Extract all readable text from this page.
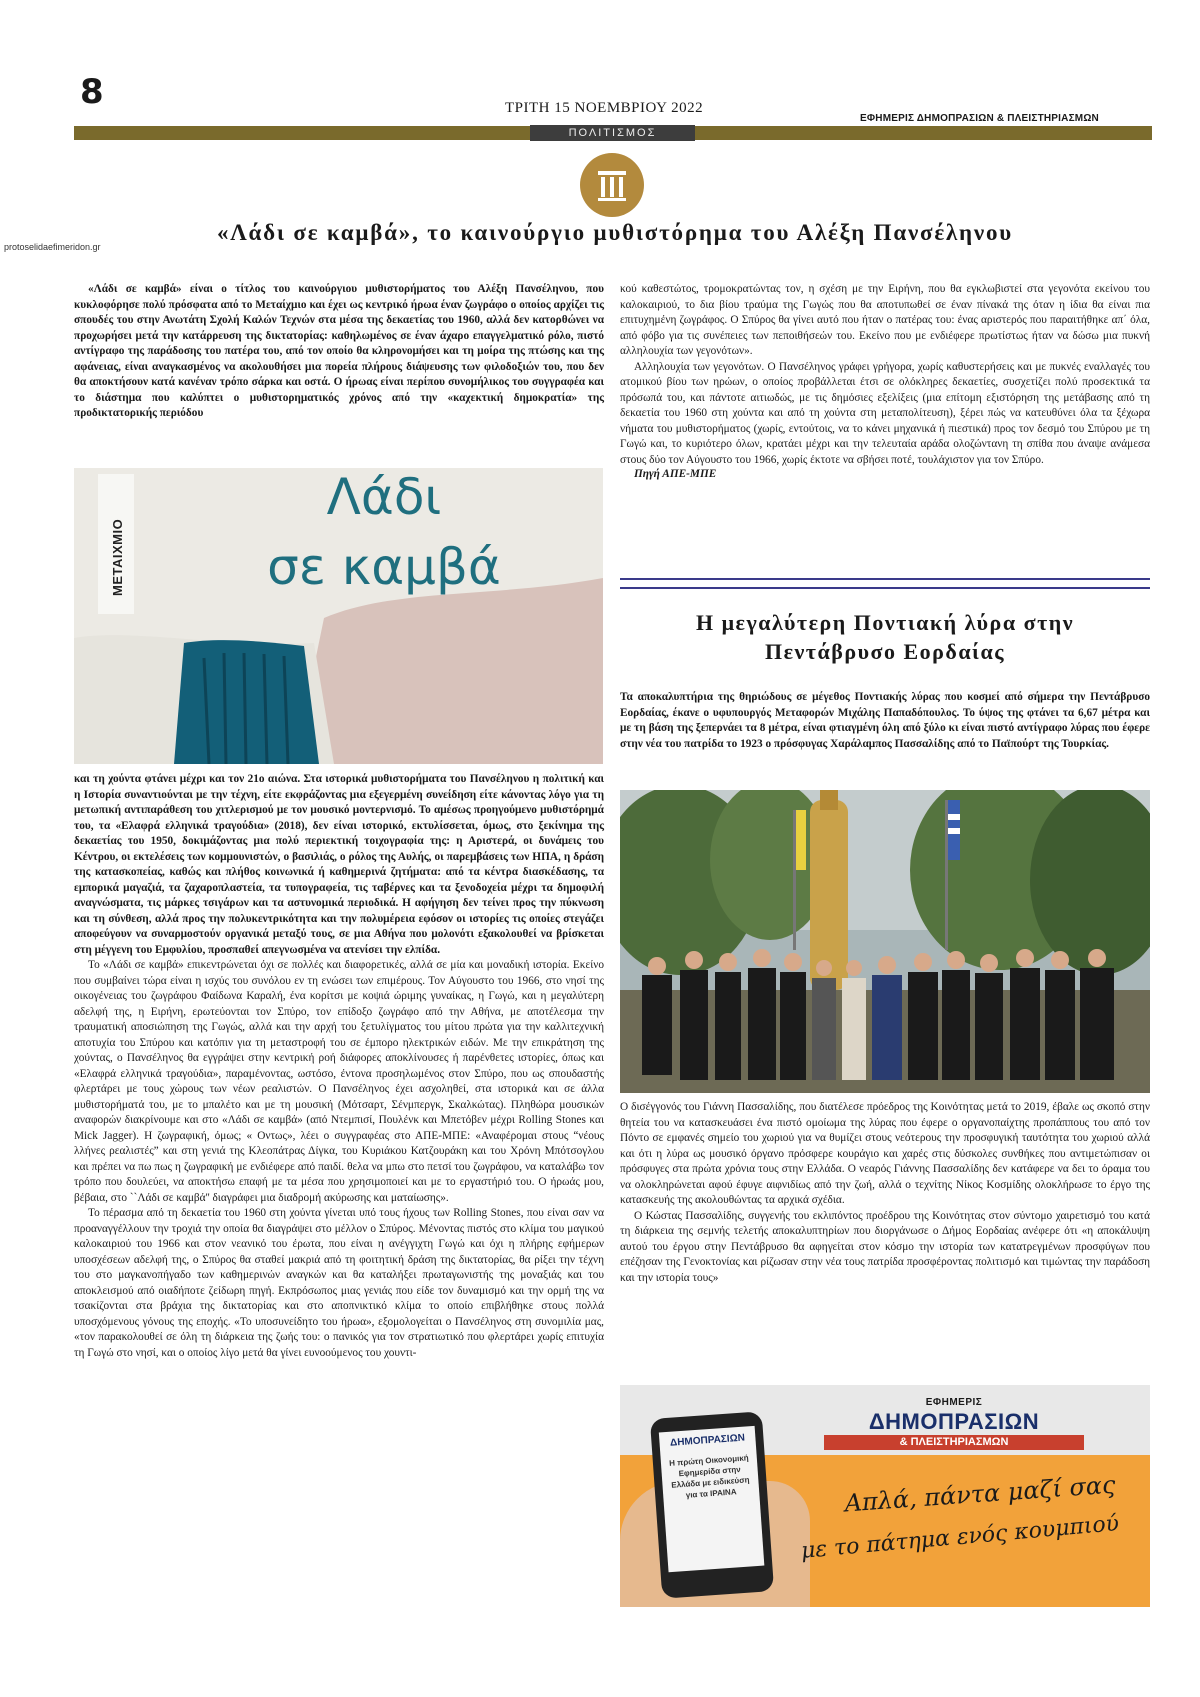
8	ΤΡΙΤΗ 15 ΝΟΕΜΒΡΙΟΥ 2022
ΕΦΗΜΕΡΙΣ ΔΗΜΟΠΡΑΣΙΩΝ & ΠΛΕΙΣΤΗΡΙΑΣΜΩΝ
ΠΟΛΙΤΙΣΜΟΣ
protoselidaefimeridon.gr
«Λάδι σε καμβά», το καινούργιο μυθιστόρημα του Αλέξη Πανσέληνου

«Λάδι σε καμβά» είναι ο τίτλος του καινούργιου μυθιστορήματος του Αλέξη Πανσέληνου, που κυκλοφόρησε πολύ πρόσφατα από το Μεταίχμιο και έχει ως κεντρικό ήρωα έναν ζωγράφο ο οποίος αρχίζει τις σπουδές του στην Ανωτάτη Σχολή Καλών Τεχνών στα μέσα της δεκαετίας του 1960, αλλά δεν κατορθώνει να προχωρήσει μετά την κατάρρευση της δικτατορίας: καθηλωμένος σε έναν άχαρο επαγγελματικό ρόλο, πιστό αντίγραφο της παράδοσης του πατέρα του, από τον οποίο θα κληρονομήσει και τη μοίρα της πτώσης και της αφάνειας, είναι αναγκασμένος να ακολουθήσει μια πορεία πλήρους διάψευσης των φιλοδοξιών του, που δεν θα αποκτήσουν κατά κανέναν τρόπο σάρκα και οστά. Ο ήρωας είναι περίπου συνομήλικος του συγγραφέα και το διάστημα που καλύπτει ο μυθιστορηματικός χρόνος από την «καχεκτική δημοκρατία» της προδικτατορικής περιόδου

ΜΕΤΑΙΧΜΙΟ
Λάδι
σε καμβά

και τη χούντα φτάνει μέχρι και τον 21ο αιώνα. Στα ιστορικά μυθιστορήματα του Πανσέληνου η πολιτική και η Ιστορία συναντιούνται με την τέχνη, είτε εκφράζοντας μια εξεγερμένη συνείδηση είτε κάνοντας λόγο για τη μετωπική αντιπαράθεση του χιτλερισμού με τον μουσικό μοντερνισμό. Το αμέσως προηγούμενο μυθιστόρημά του, τα «Ελαφρά ελληνικά τραγούδια» (2018), δεν είναι ιστορικό, εκτυλίσσεται, όμως, στο ξεκίνημα της δεκαετίας του 1950, δοκιμάζοντας μια πολύ περιεκτική τοιχογραφία της: η Αριστερά, οι δυνάμεις του Κέντρου, οι εκτελέσεις των κομμουνιστών, ο βασιλιάς, ο ρόλος της Αυλής, οι παρεμβάσεις των ΗΠΑ, η δράση της κατασκοπείας, καθώς και πλήθος κοινωνικά ή καθημερινά ζητήματα: από τα κέντρα διασκέδασης, τα εμπορικά μαγαζιά, τα ζαχαροπλαστεία, τα τυπογραφεία, τις ταβέρνες και τα ξενοδοχεία μέχρι τα δημοφιλή αναγνώσματα, τις μάρκες τσιγάρων και τα αστυνομικά περιοδικά. Η αφήγηση δεν τείνει προς την πύκνωση και τη σύνθεση, αλλά προς την πολυκεντρικότητα και την πολυμέρεια εφόσον οι ιστορίες τις οποίες στεγάζει αποφεύγουν να συναρμοστούν οργανικά μεταξύ τους, σε μια Αθήνα που μολονότι εξακολουθεί να βρίσκεται στη μέγγενη του Εμφυλίου, προσπαθεί απεγνωσμένα να ατενίσει την ελπίδα.

Το «Λάδι σε καμβά» επικεντρώνεται όχι σε πολλές και διαφορετικές, αλλά σε μία και μοναδική ιστορία. Εκείνο που συμβαίνει τώρα είναι η ισχύς του συνόλου εν τη ενώσει των επιμέρους. Τον Αύγουστο του 1966, στο νησί της οικογένειας του ζωγράφου Φαίδωνα Καραλή, ένα κορίτσι με κοψιά ώριμης γυναίκας, η Γωγώ, και η μεγαλύτερη αδελφή της, η Ειρήνη, ερωτεύονται τον Σπύρο, τον επίδοξο ζωγράφο από την Αθήνα, με αποτέλεσμα την τραυματική αποσιώπηση της Γωγώς, αλλά και την αρχή του ξετυλίγματος του μίτου πρώτα για την καλλιτεχνική αποτυχία του Σπύρου και κατόπιν για τη μεταστροφή του σε έμπορο ηλεκτρικών ειδών. Με την επικράτηση της χούντας, ο Πανσέληνος θα εγγράψει στην κεντρική ροή διάφορες αποκλίνουσες ή παρένθετες ιστορίες, όπως και «Ελαφρά ελληνικά τραγούδια», παραμένοντας, ωστόσο, έντονα προσηλωμένος στον Σπύρο, που ως σπουδαστής φλερτάρει με τους χώρους των νέων ρεαλιστών. Ο Πανσέληνος έχει ασχοληθεί, στα ιστορικά και σε άλλα μυθιστορήματά του, με το μπαλέτο και με τη μουσική (Μότσαρτ, Σένμπεργκ, Σκαλκώτας). Πληθώρα μουσικών αναφορών διακρίνουμε και στο «Λάδι σε καμβά» (από Ντεμπισί, Πουλένκ και Μπετόβεν μέχρι Rolling Stones και Mick Jagger). Η ζωγραφική, όμως; « Οντως», λέει ο συγγραφέας στο ΑΠΕ-ΜΠΕ: «Αναφέρομαι στους “νέους λλήνες ρεαλιστές” και στη γενιά της Κλεοπάτρας Δίγκα, του Κυριάκου Κατζουράκη και του Χρόνη Μπότσογλου και πρέπει να πω πως η ζωγραφική με ενδιέφερε από παιδί. θελα να μπω στο πετσί του ζωγράφου, να καταλάβω τον τρόπο που δουλεύει, να αποκτήσω επαφή με τα μέσα που χρησιμοποιεί και με το εργαστήριό του. Ο ήρωάς μου, βέβαια, στο ``Λάδι σε καμβά'' διαγράφει μια διαδρομή ακύρωσης και ματαίωσης».

Το πέρασμα από τη δεκαετία του 1960 στη χούντα γίνεται υπό τους ήχους των Rolling Stones, που είναι σαν να προαναγγέλλουν την τροχιά την οποία θα διαγράψει στο μέλλον ο Σπύρος. Μένοντας πιστός στο κλίμα του μαγικού καλοκαιριού του 1966 και στον νεανικό του έρωτα, που είναι η ανέγγιχτη Γωγώ και όχι η πλήρης εφήμερων υποσχέσεων αδελφή της, ο Σπύρος θα σταθεί μακριά από τη φοιτητική δράση της δικτατορίας, θα ρίξει την τέχνη του στο μαγκανοπήγαδο των καθημερινών αναγκών και θα καταλήξει πρωταγωνιστής της μοναξιάς και του αποκλεισμού από οιαδήποτε ζείδωρη πηγή. Εκπρόσωπος μιας γενιάς που είδε τον δυναμισμό και την ορμή της να τσακίζονται στα βράχια της δικτατορίας και στο αποπνικτικό κλίμα το οποίο επιβλήθηκε στους πολλά υποσχόμενους γόνους της εποχής. «Το υποσυνείδητο του ήρωα», εξομολογείται ο Πανσέληνος στη συνομιλία μας, «τον παρακολουθεί σε όλη τη διάρκεια της ζωής του: ο πανικός για τον στρατιωτικό που φλερτάρει χωρίς επιτυχία τη Γωγώ στο νησί, και ο οποίος λίγο μετά θα γίνει ευνοούμενος του χουντι-

κού καθεστώτος, τρομοκρατώντας τον, η σχέση με την Ειρήνη, που θα εγκλωβιστεί στα γεγονότα εκείνου του καλοκαιριού, το δια βίου τραύμα της Γωγώς που θα αποτυπωθεί σε έναν πίνακά της όταν η ίδια θα είναι πια επιτυχημένη ζωγράφος. Ο Σπύρος θα γίνει αυτό που ήταν ο πατέρας του: ένας αριστερός που παραιτήθηκε απ΄ όλα, από φόβο για τις συνέπειες των πεποιθήσεών του. Εκείνο που με ενδιέφερε πρωτίστως ήταν να δώσω μια πυκνή αλληλουχία των γεγονότων».

Αλληλουχία των γεγονότων. Ο Πανσέληνος γράφει γρήγορα, χωρίς καθυστερήσεις και με πυκνές εναλλαγές του ατομικού βίου των ηρώων, ο οποίος προβάλλεται έτσι σε ολόκληρες δεκαετίες, συσχετίζει πολύ προσεκτικά τα πρόσωπά του, και πάντοτε αιτιωδώς, με τις δημόσιες εξελίξεις (μια επίτομη εξιστόρηση της μετάβασης από τη δεκαετία του 1960 στη χούντα και από τη χούντα στη μεταπολίτευση), ξέρει πώς να κατευθύνει όλα τα ξέχωρα νήματα του μυθιστορήματος (χωρίς, εντούτοις, να το κάνει μηχανικά ή πιεστικά) προς τον δεσμό του Σπύρου με τη Γωγώ και, το κυριότερο όλων, κρατάει μέχρι και την τελευταία αράδα ολοζώντανη τη σπίθα που άναψε ανάμεσα στους δύο τον Αύγουστο του 1966, χωρίς έκτοτε να σβήσει ποτέ, τουλάχιστον για τον Σπύρο.

Πηγή ΑΠΕ-ΜΠΕ
Η μεγαλύτερη Ποντιακή λύρα στην
Πεντάβρυσο Εορδαίας

Τα αποκαλυπτήρια της θηριώδους σε μέγεθος Ποντιακής λύρας που κοσμεί από σήμερα την Πεντάβρυσο Εορδαίας, έκανε ο υφυπουργός Μεταφορών Μιχάλης Παπαδόπουλος. Το ύψος της φτάνει τα 6,67 μέτρα και με τη βάση της ξεπερνάει τα 8 μέτρα, είναι φτιαγμένη όλη από ξύλο κι είναι πιστό αντίγραφο λύρας που έφερε στην νέα του πατρίδα το 1923 ο πρόσφυγας Χαράλαμπος Πασσαλίδης από το Παϊπούρτ της Τουρκίας.

Ο δισέγγονός του Γιάννη Πασσαλίδης, που διατέλεσε πρόεδρος της Κοινότητας μετά το 2019, έβαλε ως σκοπό στην θητεία του να κατασκευάσει ένα πιστό ομοίωμα της λύρας που έφερε ο οργανοπαίχτης προπάππους του από τον Πόντο σε εμφανές σημείο του χωριού για να θυμίζει στους νεότερους την προσφυγική ταυτότητα του χωριού αλλά και ότι η λύρα ως μουσικό όργανο πρόσφερε κουράγιο και χαρές στις δύσκολες συνθήκες που αντιμετώπισαν οι πρόσφυγες στα πρώτα χρόνια τους στην Ελλάδα. Ο νεαρός Γιάννης Πασσαλίδης δεν κατάφερε να δει το όραμα του να ολοκληρώνεται αφού έφυγε αιφνιδίως από την ζωή, αλλά ο τεχνίτης Νίκος Κοσμίδης ολοκλήρωσε το έργο της κατασκευής της ακολουθώντας τα αρχικά σχέδια.

Ο Κώστας Πασσαλίδης, συγγενής του εκλιπόντος προέδρου της Κοινότητας στον σύντομο χαιρετισμό του κατά τη διάρκεια της σεμνής τελετής αποκαλυπτηρίων που διοργάνωσε ο Δήμος Εορδαίας ανέφερε ότι «η αποκάλυψη αυτού του έργου στην Πεντάβρυσο θα αφηγείται στον κόσμο την ιστορία των κατατρεγμένων προσφύγων που επέζησαν της Γενοκτονίας και ρίζωσαν στην νέα τους πατρίδα προσφέροντας πολιτισμό και τιμώντας την παράδοση και την ιστορία τους»

ΕΦΗΜΕΡΙΣ
ΔΗΜΟΠΡΑΣΙΩΝ
& ΠΛΕΙΣΤΗΡΙΑΣΜΩΝ
ΔΗΜΟΠΡΑΣΙΩΝ
Η πρώτη Οικονομική Εφημερίδα στην Ελλάδα με ειδικεύση για τα ΙΡΑΙΝΑ	Απλά, πάντα μαζί σας
με το πάτημα ενός κουμπιού
